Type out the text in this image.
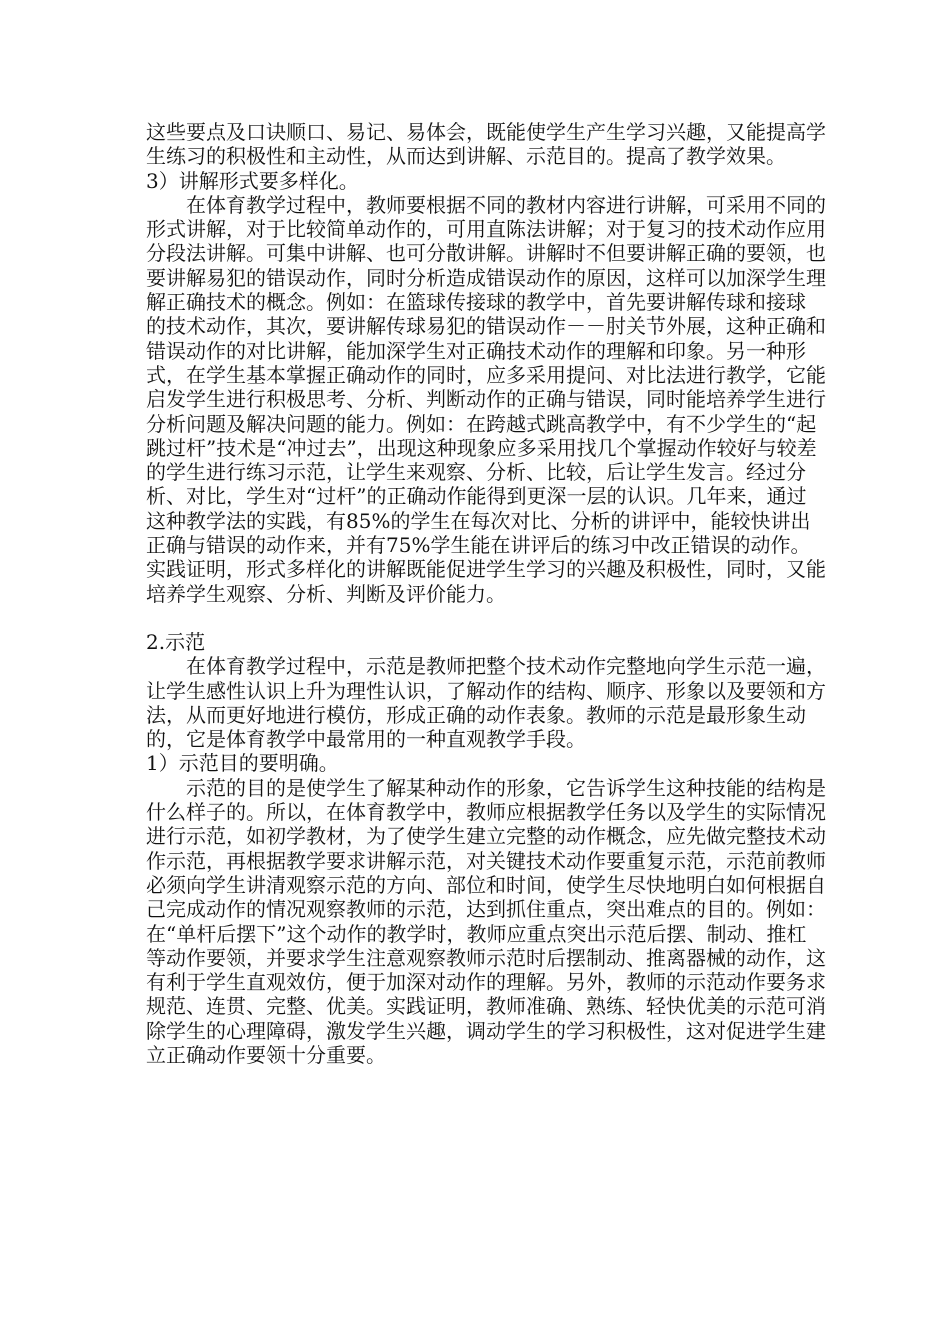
这些要点及口诀顺口、易记、易体会，既能使学生产生学习兴趣，又能提高学生练习的积极性和主动性，从而达到讲解、示范目的。提高了教学效果。

3）讲解形式要多样化。

在体育教学过程中，教师要根据不同的教材内容进行讲解，可采用不同的形式讲解，对于比较简单动作的，可用直陈法讲解；对于复习的技术动作应用分段法讲解。可集中讲解、也可分散讲解。讲解时不但要讲解正确的要领，也要讲解易犯的错误动作，同时分析造成错误动作的原因，这样可以加深学生理解正确技术的概念。例如：在篮球传接球的教学中，首先要讲解传球和接球 的技术动作，其次，要讲解传球易犯的错误动作－－肘关节外展，这种正确和错误动作的对比讲解，能加深学生对正确技术动作的理解和印象。另一种形式，在学生基本掌握正确动作的同时，应多采用提问、对比法进行教学，它能启发学生进行积极思考、分析、判断动作的正确与错误，同时能培养学生进行分析问题及解决问题的能力。例如：在跨越式跳高教学中，有不少学生的“起跳过杆”技术是“冲过去”，出现这种现象应多采用找几个掌握动作较好与较差的学生进行练习示范，让学生来观察、分析、比较，后让学生发言。经过分析、对比，学生对“过杆”的正确动作能得到更深一层的认识。几年来，通过这种教学法的实践，有85%的学生在每次对比、分析的讲评中，能较快讲出正确与错误的动作来，并有75%学生能在讲评后的练习中改正错误的动作。实践证明，形式多样化的讲解既能促进学生学习的兴趣及积极性，同时，又能培养学生观察、分析、判断及评价能力。

2.示范

在体育教学过程中，示范是教师把整个技术动作完整地向学生示范一遍，让学生感性认识上升为理性认识，了解动作的结构、顺序、形象以及要领和方法，从而更好地进行模仿，形成正确的动作表象。教师的示范是最形象生动的，它是体育教学中最常用的一种直观教学手段。

1）示范目的要明确。

示范的目的是使学生了解某种动作的形象，它告诉学生这种技能的结构是什么样子的。所以，在体育教学中，教师应根据教学任务以及学生的实际情况进行示范，如初学教材，为了使学生建立完整的动作概念，应先做完整技术动作示范，再根据教学要求讲解示范，对关键技术动作要重复示范，示范前教师必须向学生讲清观察示范的方向、部位和时间，使学生尽快地明白如何根据自己完成动作的情况观察教师的示范，达到抓住重点，突出难点的目的。例如：在“单杆后摆下”这个动作的教学时，教师应重点突出示范后摆、制动、推杠等动作要领，并要求学生注意观察教师示范时后摆制动、推离器械的动作，这有利于学生直观效仿，便于加深对动作的理解。另外，教师的示范动作要务求规范、连贯、完整、优美。实践证明，教师准确、熟练、轻快优美的示范可消除学生的心理障碍，激发学生兴趣，调动学生的学习积极性，这对促进学生建立正确动作要领十分重要。
